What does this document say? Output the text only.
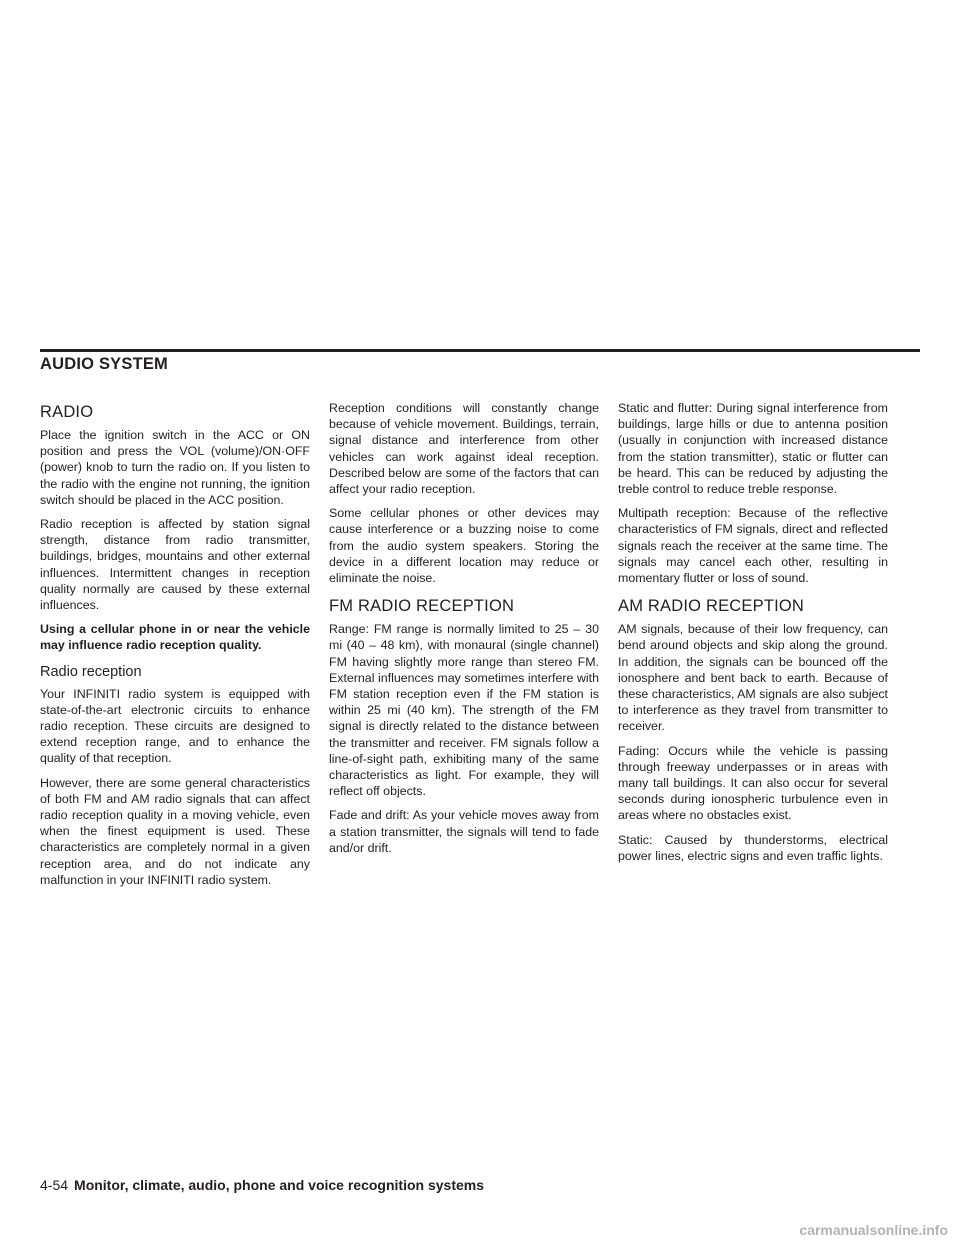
AUDIO SYSTEM
RADIO

Place the ignition switch in the ACC or ON position and press the VOL (volume)/ON·OFF (power) knob to turn the radio on. If you listen to the radio with the engine not running, the ignition switch should be placed in the ACC position.

Radio reception is affected by station signal strength, distance from radio transmitter, buildings, bridges, mountains and other external influences. Intermittent changes in reception quality normally are caused by these external influences.

Using a cellular phone in or near the vehicle may influence radio reception quality.

Radio reception

Your INFINITI radio system is equipped with state-of-the-art electronic circuits to enhance radio reception. These circuits are designed to extend reception range, and to enhance the quality of that reception.

However, there are some general characteristics of both FM and AM radio signals that can affect radio reception quality in a moving vehicle, even when the finest equipment is used. These characteristics are completely normal in a given reception area, and do not indicate any malfunction in your INFINITI radio system.

Reception conditions will constantly change because of vehicle movement. Buildings, terrain, signal distance and interference from other vehicles can work against ideal reception. Described below are some of the factors that can affect your radio reception.

Some cellular phones or other devices may cause interference or a buzzing noise to come from the audio system speakers. Storing the device in a different location may reduce or eliminate the noise.

FM RADIO RECEPTION

Range: FM range is normally limited to 25 – 30 mi (40 – 48 km), with monaural (single channel) FM having slightly more range than stereo FM. External influences may sometimes interfere with FM station reception even if the FM station is within 25 mi (40 km). The strength of the FM signal is directly related to the distance between the transmitter and receiver. FM signals follow a line-of-sight path, exhibiting many of the same characteristics as light. For example, they will reflect off objects.

Fade and drift: As your vehicle moves away from a station transmitter, the signals will tend to fade and/or drift.

Static and flutter: During signal interference from buildings, large hills or due to antenna position (usually in conjunction with increased distance from the station transmitter), static or flutter can be heard. This can be reduced by adjusting the treble control to reduce treble response.

Multipath reception: Because of the reflective characteristics of FM signals, direct and reflected signals reach the receiver at the same time. The signals may cancel each other, resulting in momentary flutter or loss of sound.

AM RADIO RECEPTION

AM signals, because of their low frequency, can bend around objects and skip along the ground. In addition, the signals can be bounced off the ionosphere and bent back to earth. Because of these characteristics, AM signals are also subject to interference as they travel from transmitter to receiver.

Fading: Occurs while the vehicle is passing through freeway underpasses or in areas with many tall buildings. It can also occur for several seconds during ionospheric turbulence even in areas where no obstacles exist.

Static: Caused by thunderstorms, electrical power lines, electric signs and even traffic lights.

4-54 Monitor, climate, audio, phone and voice recognition systems
carmanualsonline.info
